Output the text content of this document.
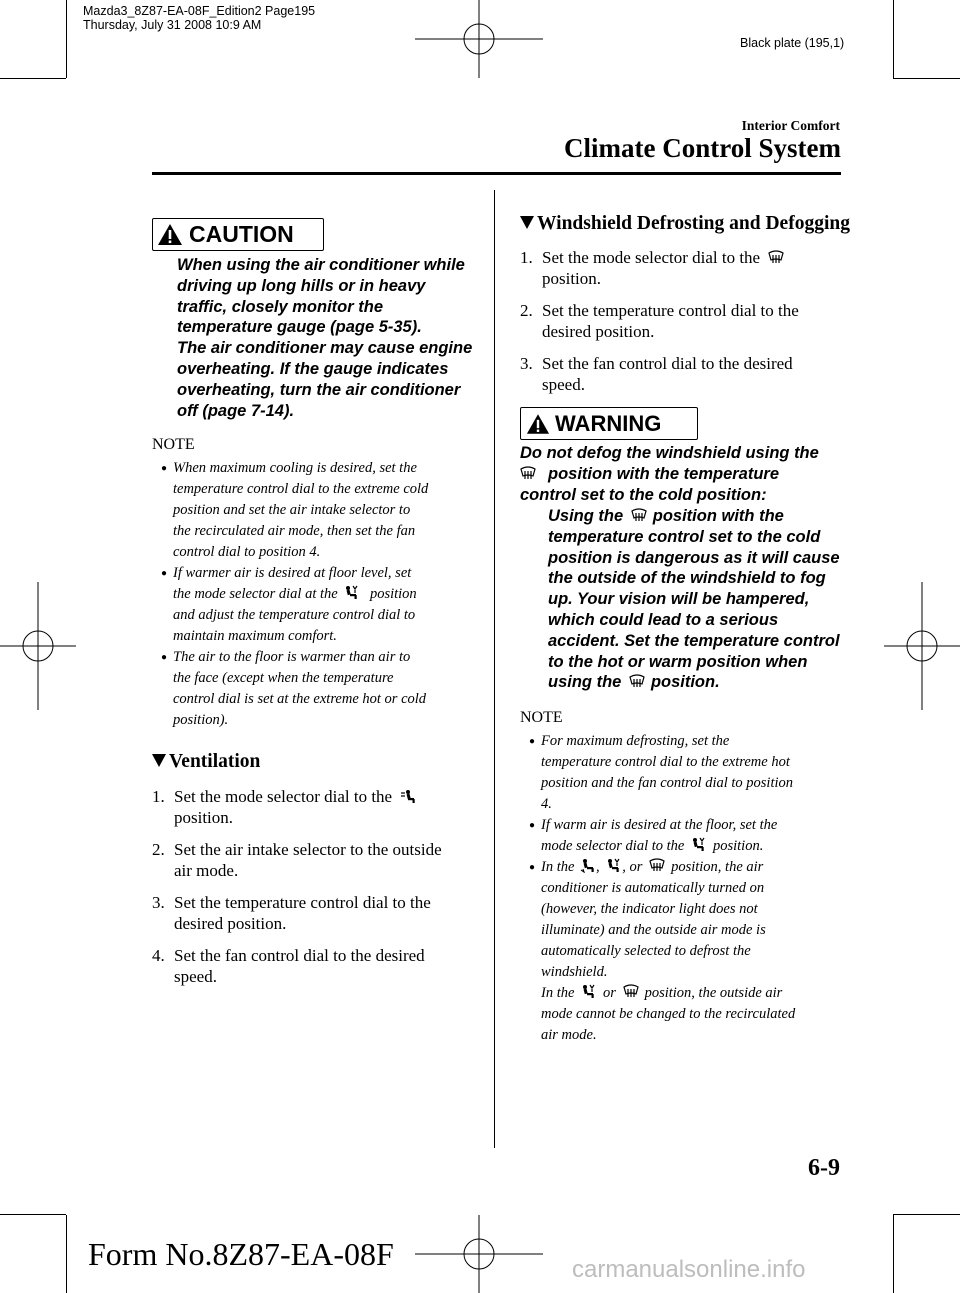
Mazda3_8Z87-EA-08F_Edition2 Page195
Thursday, July 31 2008 10:9 AM
Black plate (195,1)
Interior Comfort
Climate Control System
CAUTION
When using the air conditioner while
driving up long hills or in heavy
traffic, closely monitor the
temperature gauge (page 5-35).
The air conditioner may cause engine
overheating. If the gauge indicates
overheating, turn the air conditioner
off (page 7-14).
NOTE
● When maximum cooling is desired, set the
temperature control dial to the extreme cold
position and set the air intake selector to
the recirculated air mode, then set the fan
control dial to position 4.
● If warmer air is desired at floor level, set
the mode selector dial at the position
and adjust the temperature control dial to
maintain maximum comfort.
● The air to the floor is warmer than air to
the face (except when the temperature
control dial is set at the extreme hot or cold
position).
Ventilation
1. Set the mode selector dial to the
position.
2. Set the air intake selector to the outside
air mode.
3. Set the temperature control dial to the
desired position.
4. Set the fan control dial to the desired
speed.
Windshield Defrosting and Defogging
1. Set the mode selector dial to the
position.
2. Set the temperature control dial to the
desired position.
3. Set the fan control dial to the desired
speed.
WARNING
Do not defog the windshield using the
position with the temperature
control set to the cold position:
Using the position with the
temperature control set to the cold
position is dangerous as it will cause
the outside of the windshield to fog
up. Your vision will be hampered,
which could lead to a serious
accident. Set the temperature control
to the hot or warm position when
using the position.
NOTE
● For maximum defrosting, set the
temperature control dial to the extreme hot
position and the fan control dial to position
4.
● If warm air is desired at the floor, set the
mode selector dial to the position.
● In the , , or position, the air
conditioner is automatically turned on
(however, the indicator light does not
illuminate) and the outside air mode is
automatically selected to defrost the
windshield.
In the or position, the outside air
mode cannot be changed to the recirculated
air mode.
6-9
Form No.8Z87-EA-08F	carmanualsonline.info
